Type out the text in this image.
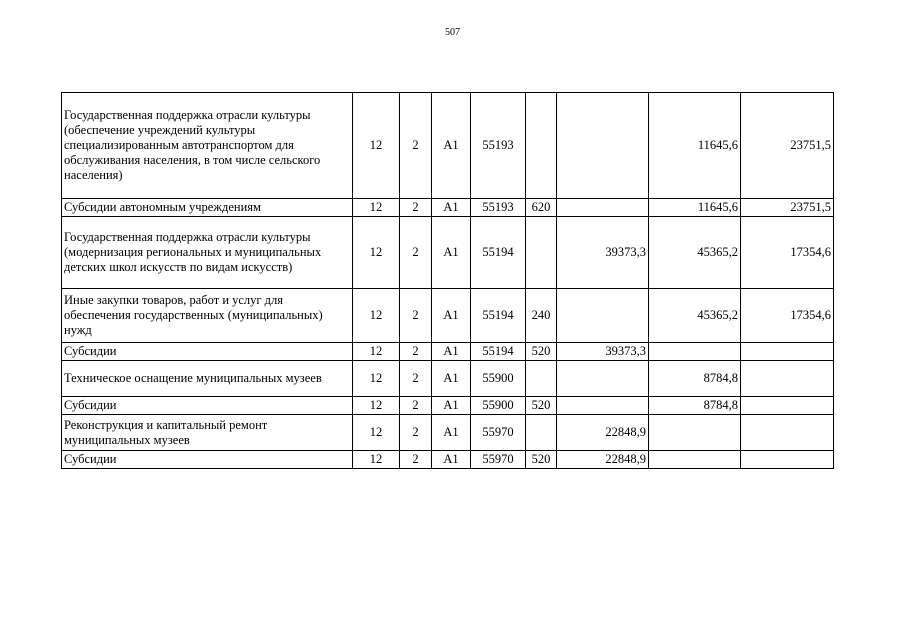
507
Государственная поддержка отрасли культуры (обеспечение учреждений культуры специализированным автотранспортом для обслуживания населения, в том числе сельского населения)	12	2	А1	55193			11645,6	23751,5
Субсидии автономным учреждениям	12	2	А1	55193	620		11645,6	23751,5
Государственная поддержка отрасли культуры (модернизация региональных и муниципальных детских школ искусств по видам искусств)	12	2	А1	55194		39373,3	45365,2	17354,6
Иные закупки товаров, работ и услуг для обеспечения государственных (муниципальных) нужд	12	2	А1	55194	240		45365,2	17354,6
Субсидии	12	2	А1	55194	520	39373,3		
Техническое оснащение муниципальных музеев	12	2	А1	55900			8784,8	
Субсидии	12	2	А1	55900	520		8784,8	
Реконструкция и капитальный ремонт муниципальных музеев	12	2	А1	55970		22848,9		
Субсидии	12	2	А1	55970	520	22848,9		
